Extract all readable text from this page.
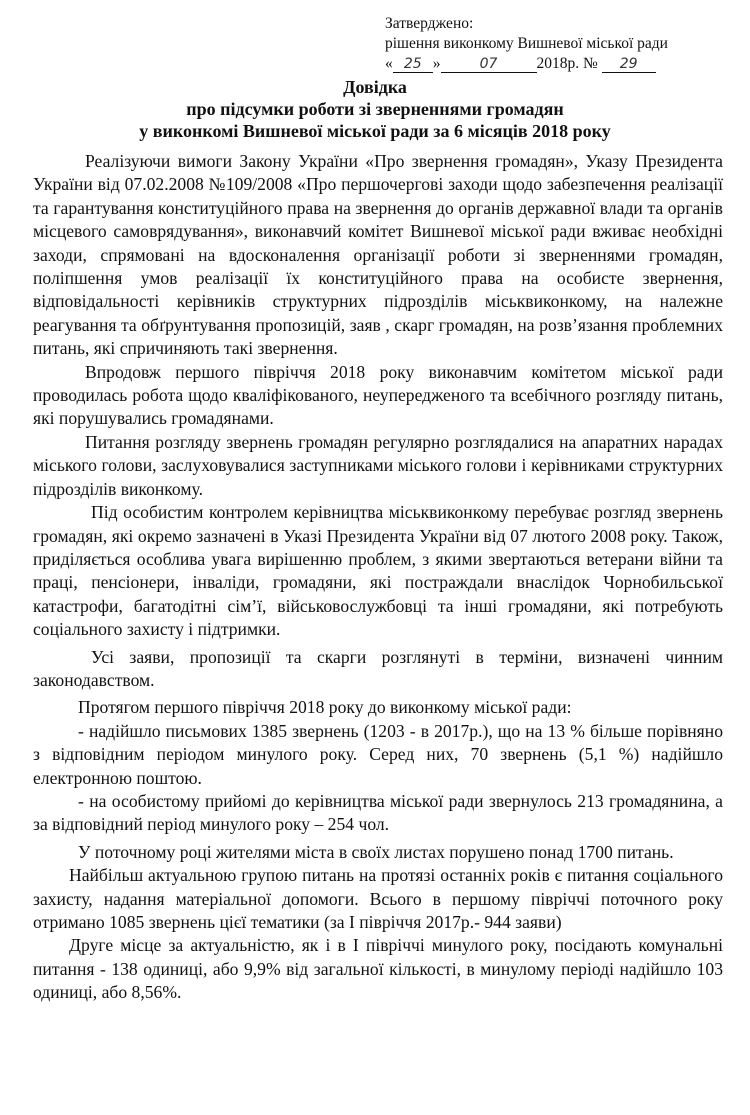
Затверджено:
рішення виконкому Вишневої міської ради
« 25 »	07	2018р. № 29
Довідка
про підсумки роботи зі зверненнями громадян
у виконкомі Вишневої міської ради за 6 місяців 2018 року

Реалізуючи вимоги Закону України «Про звернення громадян», Указу Президента України від 07.02.2008 №109/2008 «Про першочергові заходи щодо забезпечення реалізації та гарантування конституційного права на звернення до органів державної влади та органів місцевого самоврядування», виконавчий комітет Вишневої міської ради вживає необхідні заходи, спрямовані на вдосконалення організації роботи зі зверненнями громадян, поліпшення умов реалізації їх конституційного права на особисте звернення, відповідальності керівників структурних підрозділів міськвиконкому, на належне реагування та обґрунтування пропозицій, заяв , скарг громадян, на розв’язання проблемних питань, які спричиняють такі звернення.

Впродовж першого півріччя 2018 року виконавчим комітетом міської ради проводилась робота щодо кваліфікованого, неупередженого та всебічного розгляду питань, які порушувались громадянами.

Питання розгляду звернень громадян регулярно розглядалися на апаратних нарадах міського голови, заслуховувалися заступниками міського голови і керівниками структурних підрозділів виконкому.

Під особистим контролем керівництва міськвиконкому перебуває розгляд звернень громадян, які окремо зазначені в Указі Президента України від 07 лютого 2008 року. Також, приділяється особлива увага вирішенню проблем, з якими звертаються ветерани війни та праці, пенсіонери, інваліди, громадяни, які постраждали внаслідок Чорнобильської катастрофи, багатодітні сім’ї, військовослужбовці та інші громадяни, які потребують соціального захисту і підтримки.

Усі заяви, пропозиції та скарги розглянуті в терміни, визначені чинним законодавством.

Протягом першого півріччя 2018 року до виконкому міської ради:

- надійшло письмових 1385 звернень (1203 - в 2017р.), що на 13 % більше порівняно з відповідним періодом минулого року. Серед них, 70 звернень (5,1 %) надійшло електронною поштою.

- на особистому прийомі до керівництва міської ради звернулось 213 громадянина, а за відповідний період минулого року – 254 чол.

У поточному році жителями міста в своїх листах порушено понад 1700 питань.

Найбільш актуальною групою питань на протязі останніх років є питання соціального захисту, надання матеріальної допомоги. Всього в першому півріччі поточного року отримано 1085 звернень цієї тематики (за І півріччя 2017р.- 944 заяви)

Друге місце за актуальністю, як і в І півріччі минулого року, посідають комунальні питання - 138 одиниці, або 9,9% від загальної кількості, в минулому періоді надійшло 103 одиниці, або 8,56%.
